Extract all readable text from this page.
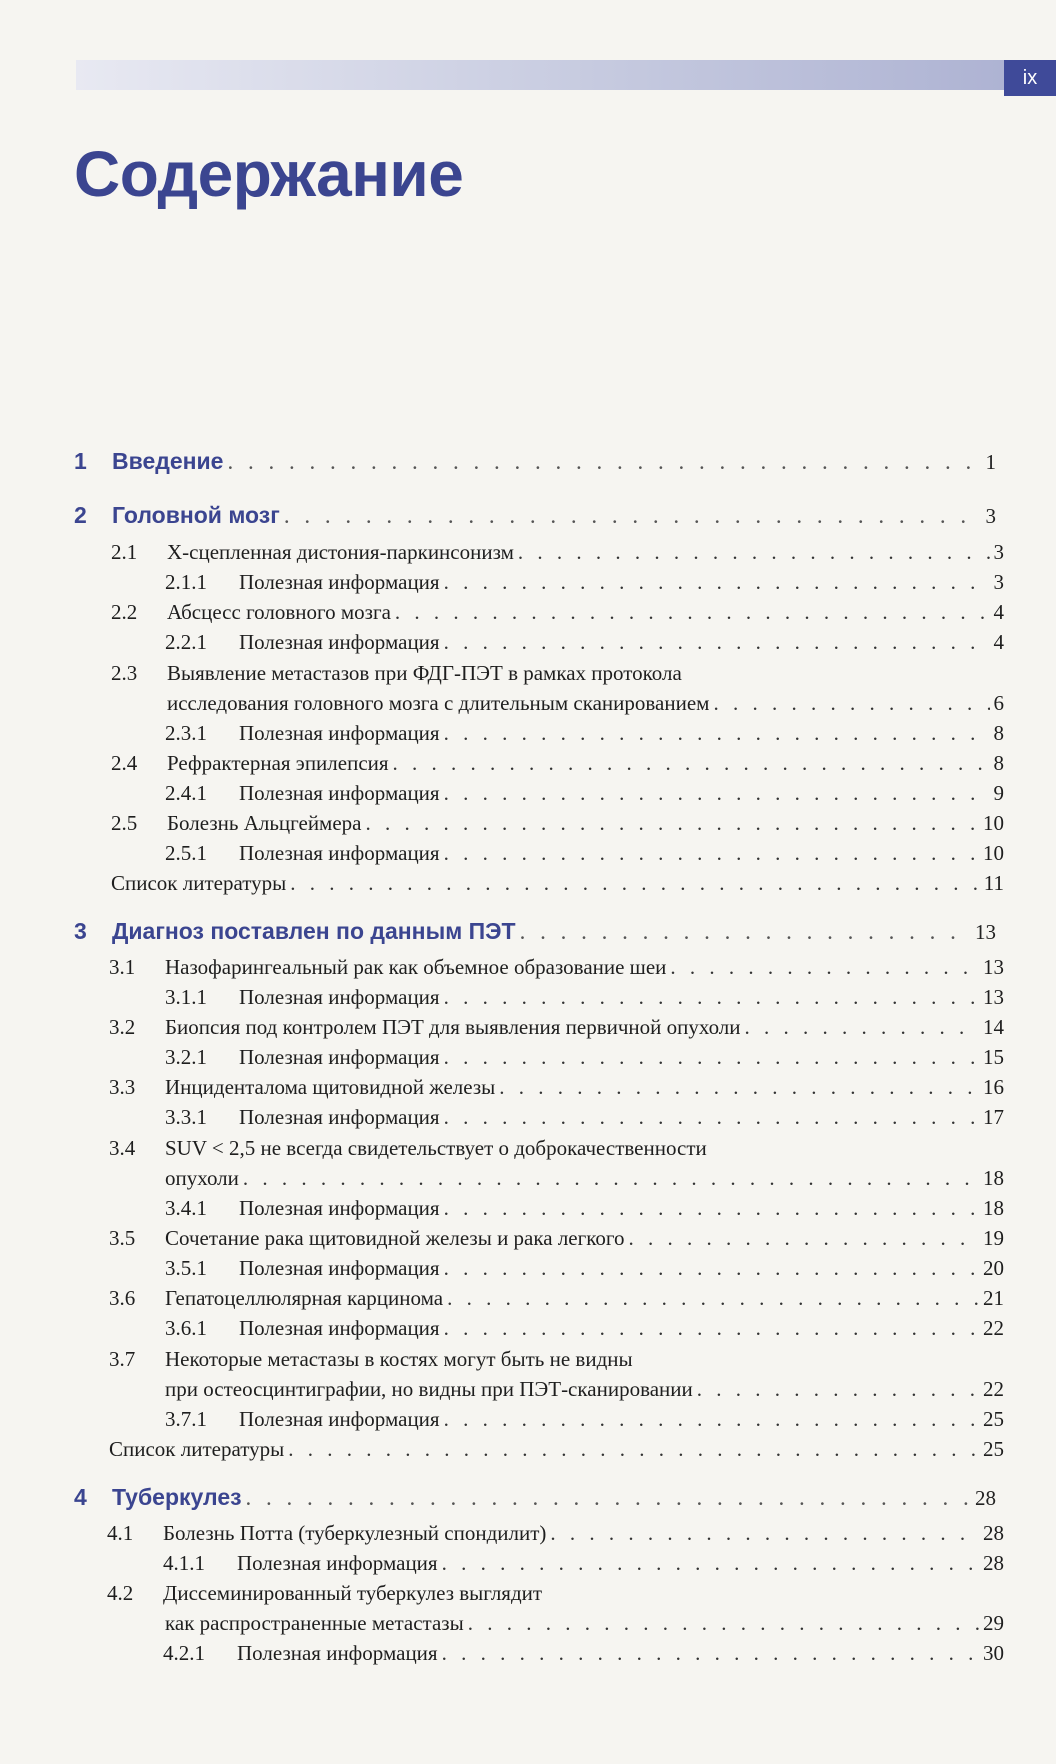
ix
Содержание
1	Введение . . .	1
2	Головной мозг . . .	3
2.1	Х-сцепленная дистония-паркинсонизм . . .	3
2.1.1	Полезная информация . . .	3
2.2	Абсцесс головного мозга . . .	4
2.2.1	Полезная информация . . .	4
2.3	Выявление метастазов при ФДГ-ПЭТ в рамках протокола
исследования головного мозга с длительным сканированием . . .	6
2.3.1	Полезная информация . . .	8
2.4	Рефрактерная эпилепсия . . .	8
2.4.1	Полезная информация . . .	9
2.5	Болезнь Альцгеймера . . .	10
2.5.1	Полезная информация . . .	10
Список литературы . . .	11
3	Диагноз поставлен по данным ПЭТ . . .	13
3.1	Назофарингеальный рак как объемное образование шеи . . .	13
3.1.1	Полезная информация . . .	13
3.2	Биопсия под контролем ПЭТ для выявления первичной опухоли . . .	14
3.2.1	Полезная информация . . .	15
3.3	Инциденталома щитовидной железы . . .	16
3.3.1	Полезная информация . . .	17
3.4	SUV < 2,5 не всегда свидетельствует о доброкачественности
опухоли . . .	18
3.4.1	Полезная информация . . .	18
3.5	Сочетание рака щитовидной железы и рака легкого . . .	19
3.5.1	Полезная информация . . .	20
3.6	Гепатоцеллюлярная карцинома . . .	21
3.6.1	Полезная информация . . .	22
3.7	Некоторые метастазы в костях могут быть не видны
при остеосцинтиграфии, но видны при ПЭТ-сканировании . . .	22
3.7.1	Полезная информация . . .	25
Список литературы . . .	25
4	Туберкулез . . .	28
4.1	Болезнь Потта (туберкулезный спондилит) . . .	28
4.1.1	Полезная информация . . .	28
4.2	Диссеминированный туберкулез выглядит
как распространенные метастазы . . .	29
4.2.1	Полезная информация . . .	30
